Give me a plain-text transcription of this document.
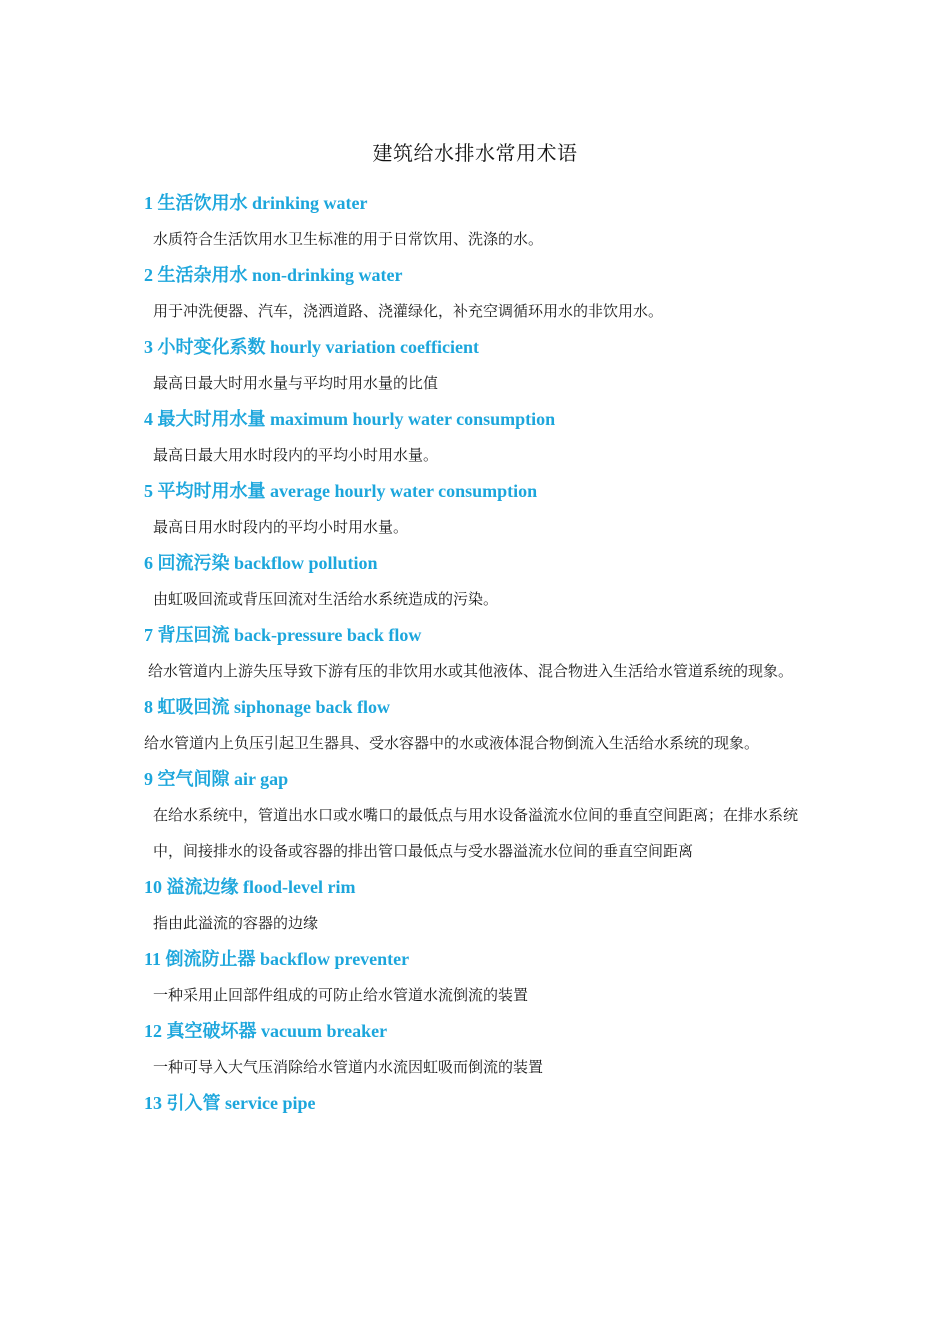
建筑给水排水常用术语
1 生活饮用水 drinking water
水质符合生活饮用水卫生标准的用于日常饮用、洗涤的水。
2 生活杂用水 non-drinking water
用于冲洗便器、汽车，浇洒道路、浇灌绿化，补充空调循环用水的非饮用水。
3 小时变化系数 hourly variation coefficient
最高日最大时用水量与平均时用水量的比值
4 最大时用水量 maximum hourly water consumption
最高日最大用水时段内的平均小时用水量。
5 平均时用水量 average hourly water consumption
最高日用水时段内的平均小时用水量。
6 回流污染 backflow pollution
由虹吸回流或背压回流对生活给水系统造成的污染。
7 背压回流 back-pressure back flow
给水管道内上游失压导致下游有压的非饮用水或其他液体、混合物进入生活给水管道系统的现象。
8 虹吸回流 siphonage back flow
给水管道内上负压引起卫生器具、受水容器中的水或液体混合物倒流入生活给水系统的现象。
9 空气间隙 air gap
在给水系统中，管道出水口或水嘴口的最低点与用水设备溢流水位间的垂直空间距离；在排水系统中，间接排水的设备或容器的排出管口最低点与受水器溢流水位间的垂直空间距离
10 溢流边缘 flood-level rim
指由此溢流的容器的边缘
11 倒流防止器 backflow preventer
一种采用止回部件组成的可防止给水管道水流倒流的装置
12 真空破坏器 vacuum breaker
一种可导入大气压消除给水管道内水流因虹吸而倒流的装置
13 引入管 service pipe
